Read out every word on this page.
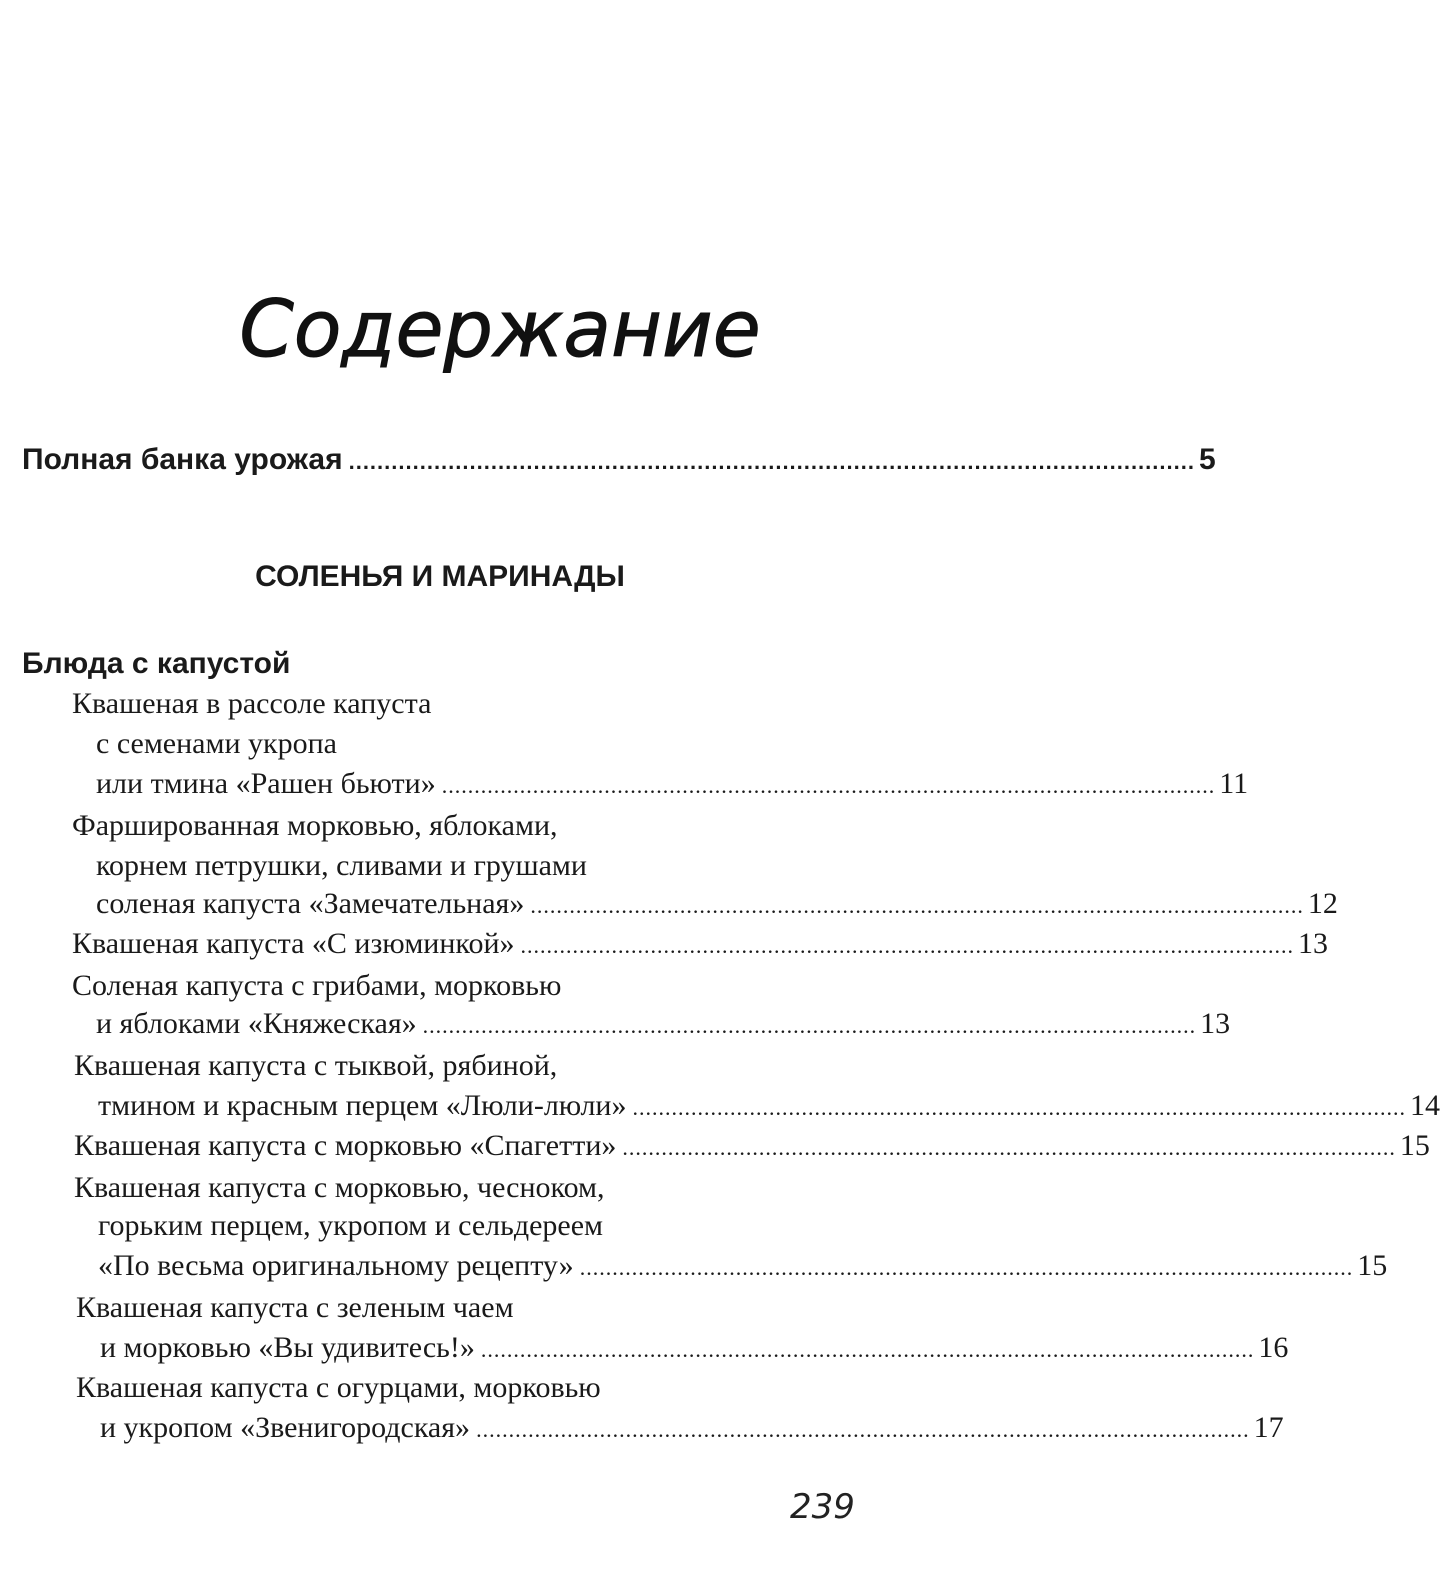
Содержание
Полная банка урожая ....................................................................................................................... 5
СОЛЕНЬЯ И МАРИНАДЫ
Блюда с капустой
Квашеная в рассоле капуста
с семенами укропа
или тмина «Рашен бьюти» ....................................................................................................................... 11
Фаршированная морковью, яблоками,
корнем петрушки, сливами и грушами
соленая капуста «Замечательная» ....................................................................................................................... 12
Квашеная капуста «С изюминкой» ....................................................................................................................... 13
Соленая капуста с грибами, морковью
и яблоками «Княжеская» ....................................................................................................................... 13
Квашеная капуста с тыквой, рябиной,
тмином и красным перцем «Люли-люли» ....................................................................................................................... 14
Квашеная капуста с морковью «Спагетти» ....................................................................................................................... 15
Квашеная капуста с морковью, чесноком,
горьким перцем, укропом и сельдереем
«По весьма оригинальному рецепту» ....................................................................................................................... 15
Квашеная капуста с зеленым чаем
и морковью «Вы удивитесь!» ....................................................................................................................... 16
Квашеная капуста с огурцами, морковью
и укропом «Звенигородская» ....................................................................................................................... 17
239
